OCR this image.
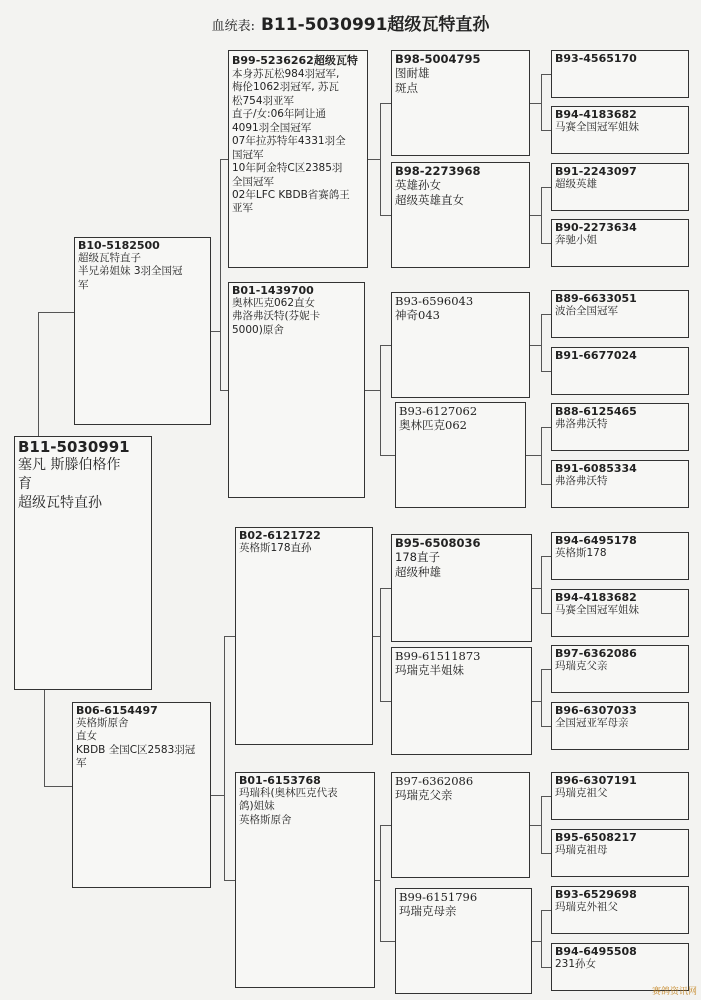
血统表: B11-5030991超级瓦特直孙
B11-5030991
塞凡 斯滕伯格作
育
超级瓦特直孙
B10-5182500
超级瓦特直子
半兄弟姐妹 3羽全国冠
军
B06-6154497
英格斯原舍
直女
KBDB 全国C区2583羽冠
军
B99-5236262超级瓦特
本身苏瓦松984羽冠军,
梅伦1062羽冠军, 苏瓦
松754羽亚军
直子/女:06年阿让通
4091羽全国冠军
07年拉苏特年4331羽全
国冠军
10年阿金特C区2385羽
全国冠军
02年LFC KBDB省赛鸽王
亚军
B01-1439700
奥林匹克062直女
弗洛弗沃特(芬妮卡
5000)原舍
B02-6121722
英格斯178直孙
B01-6153768
玛瑞科(奥林匹克代表
鸽)姐妹
英格斯原舍
B98-5004795
图耐雄
斑点
B98-2273968
英雄孙女
超级英雄直女
B93-6596043
神奇043
B93-6127062
奥林匹克062
B95-6508036
178直子
超级种雄
B99-61511873
玛瑞克半姐妹
B97-6362086
玛瑞克父亲
B99-6151796
玛瑞克母亲
B93-4565170
B94-4183682
马赛全国冠军姐妹
B91-2243097
超级英雄
B90-2273634
奔驰小姐
B89-6633051
波治全国冠军
B91-6677024
B88-6125465
弗洛弗沃特
B91-6085334
弗洛弗沃特
B94-6495178
英格斯178
B94-4183682
马赛全国冠军姐妹
B97-6362086
玛瑞克父亲
B96-6307033
全国冠亚军母亲
B96-6307191
玛瑞克祖父
B95-6508217
玛瑞克祖母
B93-6529698
玛瑞克外祖父
B94-6495508
231孙女
赛鸽资讯网
